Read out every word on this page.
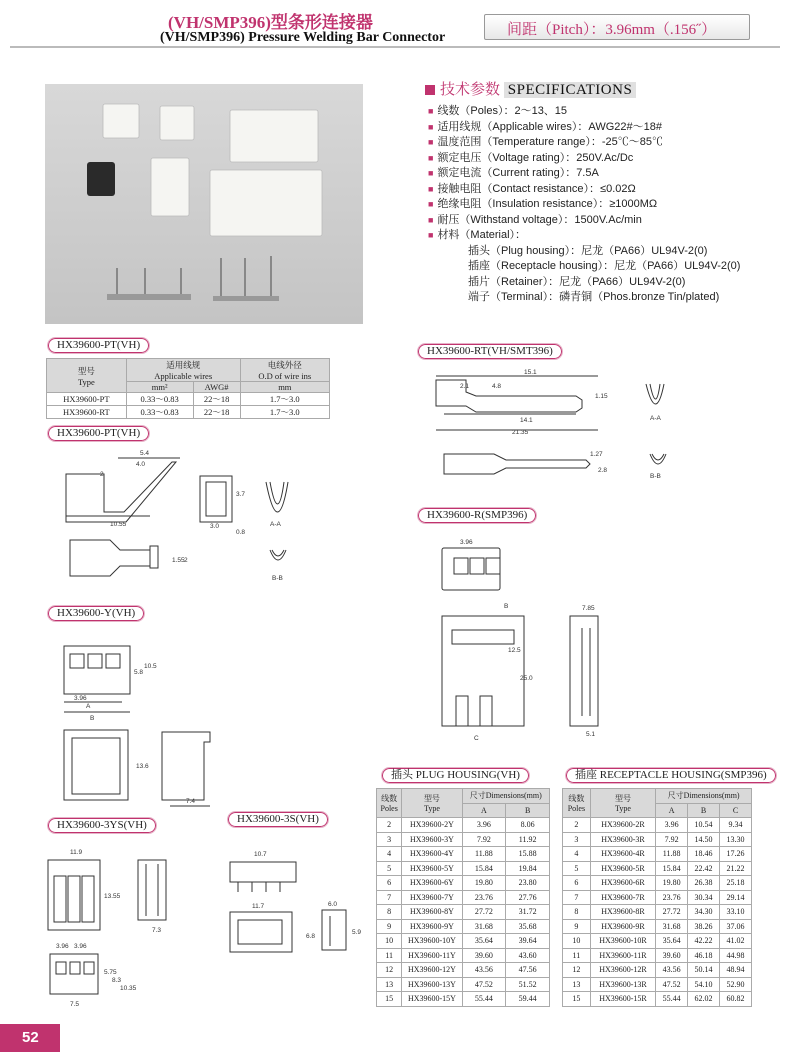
(VH/SMP396)型条形连接器
(VH/SMP396) Pressure Welding Bar Connector	间距（Pitch）：3.96mm（.156˝）
技术参数 SPECIFICATIONS
■ 线数（Poles）：2～13、15
■ 适用线规（Applicable wires）：AWG22#～18#
■ 温度范围（Temperature range）：-25℃～85℃
■ 额定电压（Voltage rating）：250V.Ac/Dc
■ 额定电流（Current rating）：7.5A
■ 接触电阻（Contact resistance）：≤0.02Ω
■ 绝缘电阻（Insulation resistance）：≥1000MΩ
■ 耐压（Withstand voltage）：1500V.Ac/min
■ 材料（Material）：
插头（Plug housing）：尼龙（PA66）UL94V-2(0)
插座（Receptacle housing）：尼龙（PA66）UL94V-2(0)
插片（Retainer）：尼龙（PA66）UL94V-2(0)
端子（Terminal）：磷青铜（Phos.bronze Tin/plated)
HX39600-PT(VH)	HX39600-RT(VH/SMT396)
HX39600-PT(VH)
HX39600-R(SMP396)
HX39600-Y(VH)
HX39600-3YS(VH)	HX39600-3S(VH)
插头 PLUG HOUSING(VH)	插座 RECEPTACLE HOUSING(SMP396)
型号
Type	适用线规
Applicable wires		电线外径
O.D of wire ins
	mm²	AWG#	mm
HX39600-PT	0.33～0.83	22～18	1.7～3.0
HX39600-RT	0.33～0.83	22～18	1.7～3.0
15.1
2.1	4.8
1.15
14.1
21.35
1.27
2.8
A-A
B-B
5.4
4.0
2
10.55
3.7
3.0
0.8
1.55 2
A-A
B-B
3.96
7.85
12.5
25.0
5.1
B
C
5.8
10.5
3.96
A
B
13.6
7.4
11.9
13.55
7.3
3.96 3.96
5.75
8.3
10.35
7.5
10.7
11.7	6.0
6.8
5.9
线数
Poles	型号
Type	尺寸Dimensions(mm)	
		A	B
2	HX39600-2Y	3.96	8.06
3	HX39600-3Y	7.92	11.92
4	HX39600-4Y	11.88	15.88
5	HX39600-5Y	15.84	19.84
6	HX39600-6Y	19.80	23.80
7	HX39600-7Y	23.76	27.76
8	HX39600-8Y	27.72	31.72
9	HX39600-9Y	31.68	35.68
10	HX39600-10Y	35.64	39.64
11	HX39600-11Y	39.60	43.60
12	HX39600-12Y	43.56	47.56
13	HX39600-13Y	47.52	51.52
15	HX39600-15Y	55.44	59.44
线数
Poles	型号
Type	尺寸Dimensions(mm)		
		A	B	C
2	HX39600-2R	3.96	10.54	9.34
3	HX39600-3R	7.92	14.50	13.30
4	HX39600-4R	11.88	18.46	17.26
5	HX39600-5R	15.84	22.42	21.22
6	HX39600-6R	19.80	26.38	25.18
7	HX39600-7R	23.76	30.34	29.14
8	HX39600-8R	27.72	34.30	33.10
9	HX39600-9R	31.68	38.26	37.06
10	HX39600-10R	35.64	42.22	41.02
11	HX39600-11R	39.60	46.18	44.98
12	HX39600-12R	43.56	50.14	48.94
13	HX39600-13R	47.52	54.10	52.90
15	HX39600-15R	55.44	62.02	60.82
52
